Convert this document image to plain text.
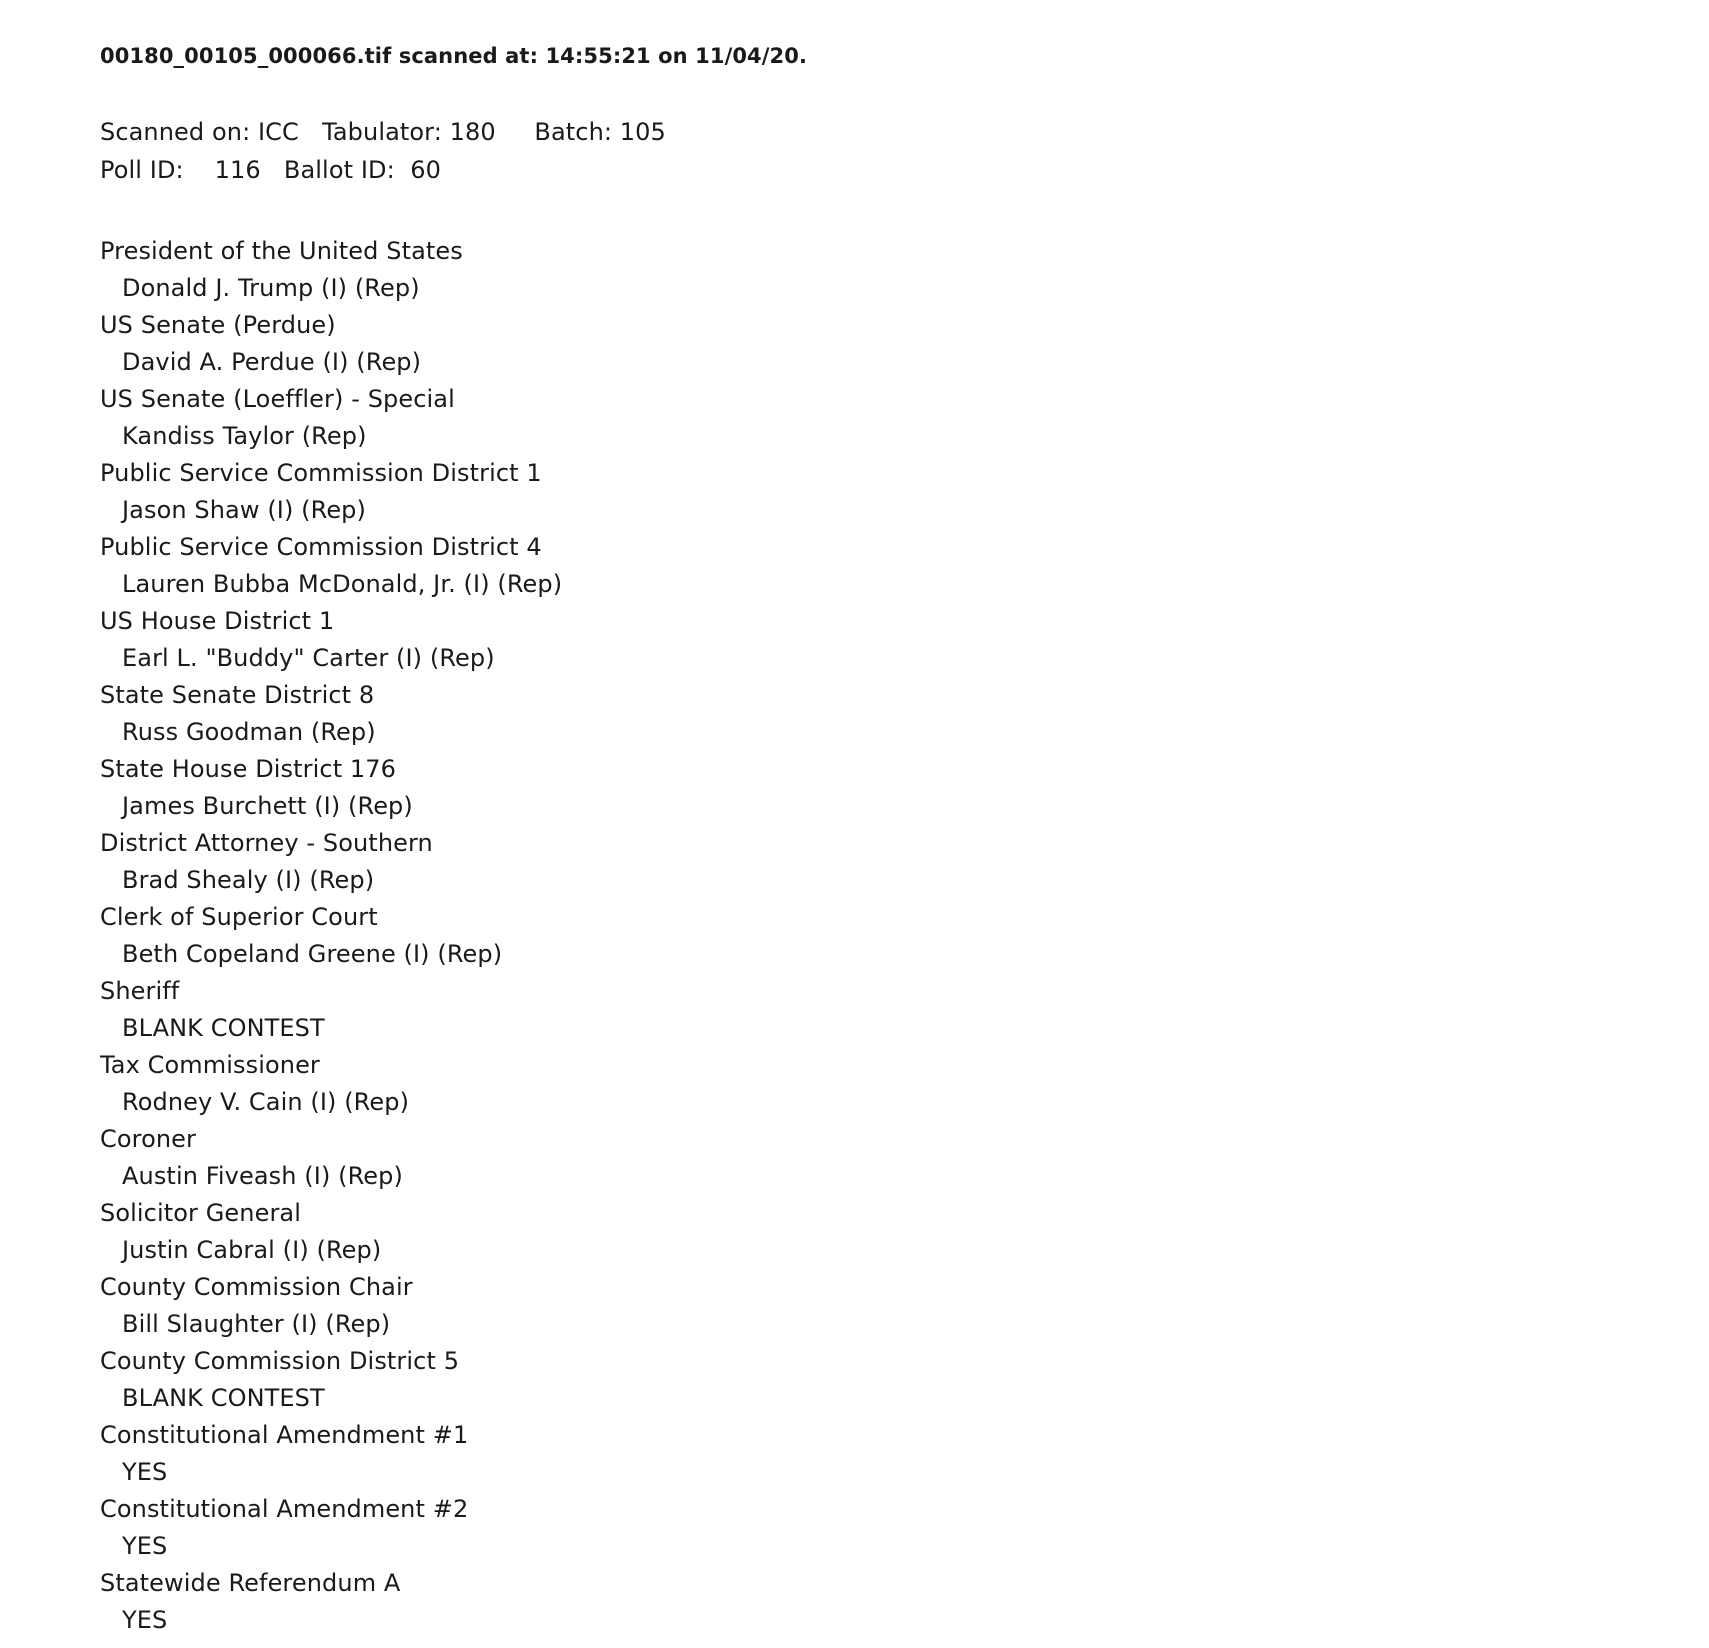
00180_00105_000066.tif scanned at: 14:55:21 on 11/04/20.
Scanned on: ICC   Tabulator: 180     Batch: 105
Poll ID:    116   Ballot ID:  60
President of the United States
Donald J. Trump (I) (Rep)
US Senate (Perdue)
David A. Perdue (I) (Rep)
US Senate (Loeffler) - Special
Kandiss Taylor (Rep)
Public Service Commission District 1
Jason Shaw (I) (Rep)
Public Service Commission District 4
Lauren Bubba McDonald, Jr. (I) (Rep)
US House District 1
Earl L. "Buddy" Carter (I) (Rep)
State Senate District 8
Russ Goodman (Rep)
State House District 176
James Burchett (I) (Rep)
District Attorney - Southern
Brad Shealy (I) (Rep)
Clerk of Superior Court
Beth Copeland Greene (I) (Rep)
Sheriff
BLANK CONTEST
Tax Commissioner
Rodney V. Cain (I) (Rep)
Coroner
Austin Fiveash (I) (Rep)
Solicitor General
Justin Cabral (I) (Rep)
County Commission Chair
Bill Slaughter (I) (Rep)
County Commission District 5
BLANK CONTEST
Constitutional Amendment #1
YES
Constitutional Amendment #2
YES
Statewide Referendum A
YES
